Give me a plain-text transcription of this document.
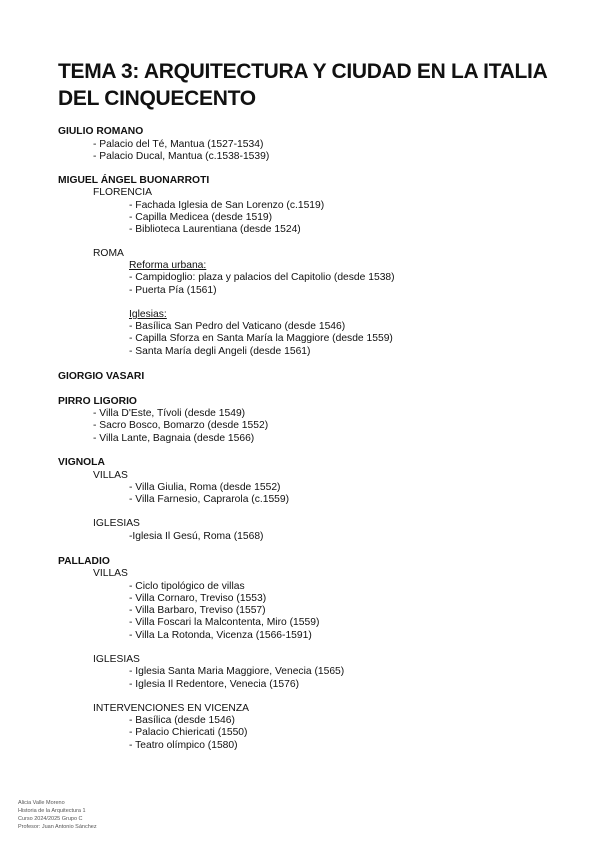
TEMA 3: ARQUITECTURA Y CIUDAD EN LA ITALIA DEL CINQUECENTO
GIULIO ROMANO
- Palacio del Té, Mantua (1527-1534)
- Palacio Ducal, Mantua (c.1538-1539)
MIGUEL ÁNGEL BUONARROTI
FLORENCIA
- Fachada Iglesia de San Lorenzo (c.1519)
- Capilla Medicea (desde 1519)
- Biblioteca Laurentiana (desde 1524)
ROMA
Reforma urbana:
- Campidoglio: plaza y palacios del Capitolio (desde 1538)
- Puerta Pía (1561)
Iglesias:
- Basílica San Pedro del Vaticano (desde 1546)
- Capilla Sforza en Santa María la Maggiore (desde 1559)
- Santa María degli Angeli (desde 1561)
GIORGIO VASARI
PIRRO LIGORIO
- Villa D'Este, Tívoli (desde 1549)
- Sacro Bosco, Bomarzo (desde 1552)
- Villa Lante, Bagnaia (desde 1566)
VIGNOLA
VILLAS
- Villa Giulia, Roma (desde 1552)
- Villa Farnesio, Caprarola (c.1559)
IGLESIAS
-Iglesia Il Gesú, Roma (1568)
PALLADIO
VILLAS
- Ciclo tipológico de villas
- Villa Cornaro, Treviso (1553)
- Villa Barbaro, Treviso (1557)
- Villa Foscari la Malcontenta, Miro (1559)
- Villa La Rotonda, Vicenza (1566-1591)
IGLESIAS
- Iglesia Santa Maria Maggiore, Venecia (1565)
- Iglesia Il Redentore, Venecia (1576)
INTERVENCIONES EN VICENZA
- Basílica (desde 1546)
- Palacio Chiericati (1550)
- Teatro olímpico (1580)
Alicia Valle Moreno
Historia de la Arquitectura 1
Curso 2024/2025 Grupo C
Profesor: Juan Antonio Sánchez
